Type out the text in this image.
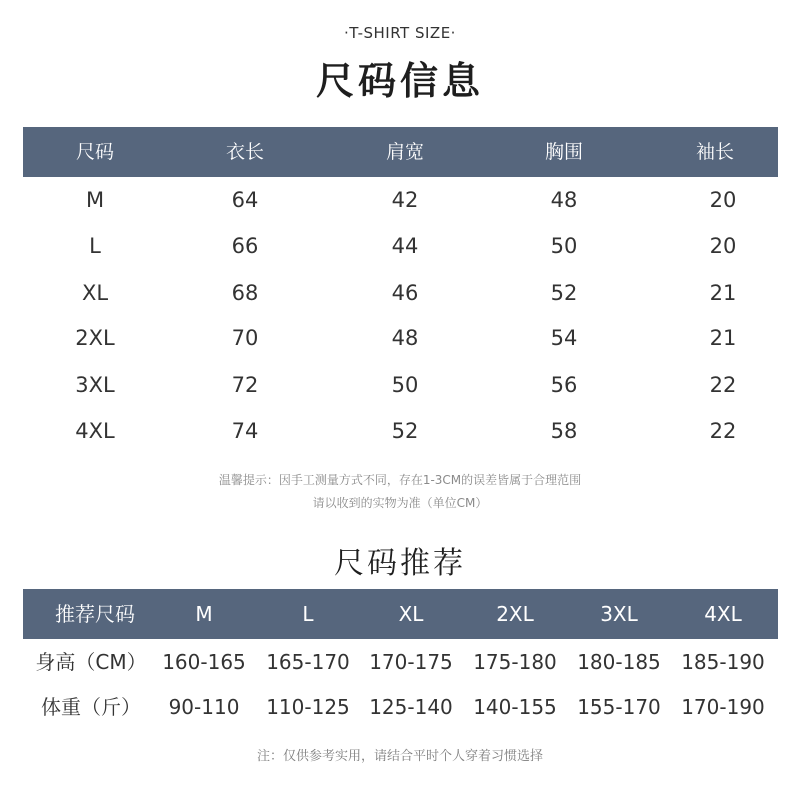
·T-SHIRT SIZE·
尺码信息
尺码	衣长	肩宽	胸围	袖长
M	64	42	48	20
L	66	44	50	20
XL	68	46	52	21
2XL	70	48	54	21
3XL	72	50	56	22
4XL	74	52	58	22
温馨提示：因手工测量方式不同，存在1-3CM的误差皆属于合理范围
请以收到的实物为准（单位CM）
尺码推荐
推荐尺码	M	L	XL	2XL	3XL	4XL
身高（CM） 160-165	165-170 170-175	175-180	180-185	185-190
体重（斤）	90-110	110-125 125-140	140-155	155-170	170-190
注：仅供参考实用，请结合平时个人穿着习惯选择
